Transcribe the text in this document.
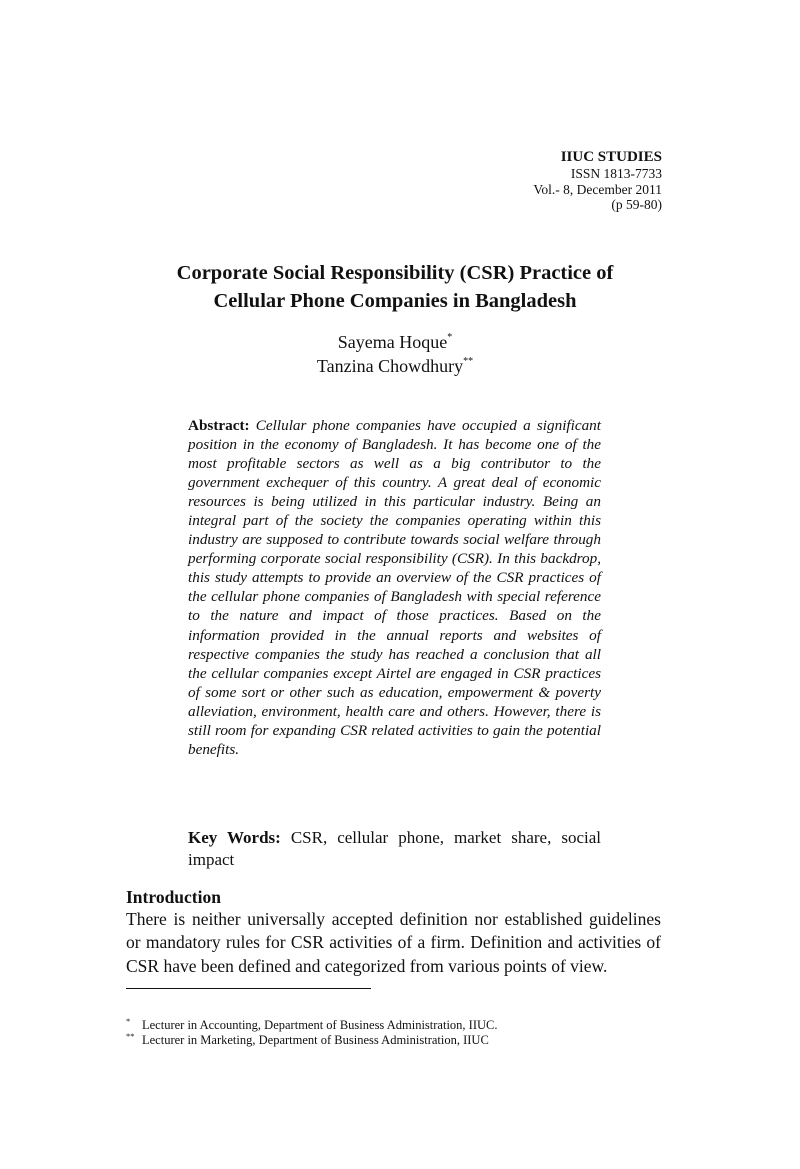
IIUC STUDIES
ISSN 1813-7733
Vol.- 8, December 2011
(p 59-80)
Corporate Social Responsibility (CSR) Practice of
Cellular Phone Companies in Bangladesh
Sayema Hoque*
Tanzina Chowdhury**
Abstract: Cellular phone companies have occupied a significant position in the economy of Bangladesh. It has become one of the most profitable sectors as well as a big contributor to the government exchequer of this country. A great deal of economic resources is being utilized in this particular industry. Being an integral part of the society the companies operating within this industry are supposed to contribute towards social welfare through performing corporate social responsibility (CSR). In this backdrop, this study attempts to provide an overview of the CSR practices of the cellular phone companies of Bangladesh with special reference to the nature and impact of those practices. Based on the information provided in the annual reports and websites of respective companies the study has reached a conclusion that all the cellular companies except Airtel are engaged in CSR practices of some sort or other such as education, empowerment & poverty alleviation, environment, health care and others. However, there is still room for expanding CSR related activities to gain the potential benefits.
Key Words: CSR, cellular phone, market share, social impact
Introduction
There is neither universally accepted definition nor established guidelines or mandatory rules for CSR activities of a firm. Definition and activities of CSR have been defined and categorized from various points of view.
* Lecturer in Accounting, Department of Business Administration, IIUC.
** Lecturer in Marketing, Department of Business Administration, IIUC
